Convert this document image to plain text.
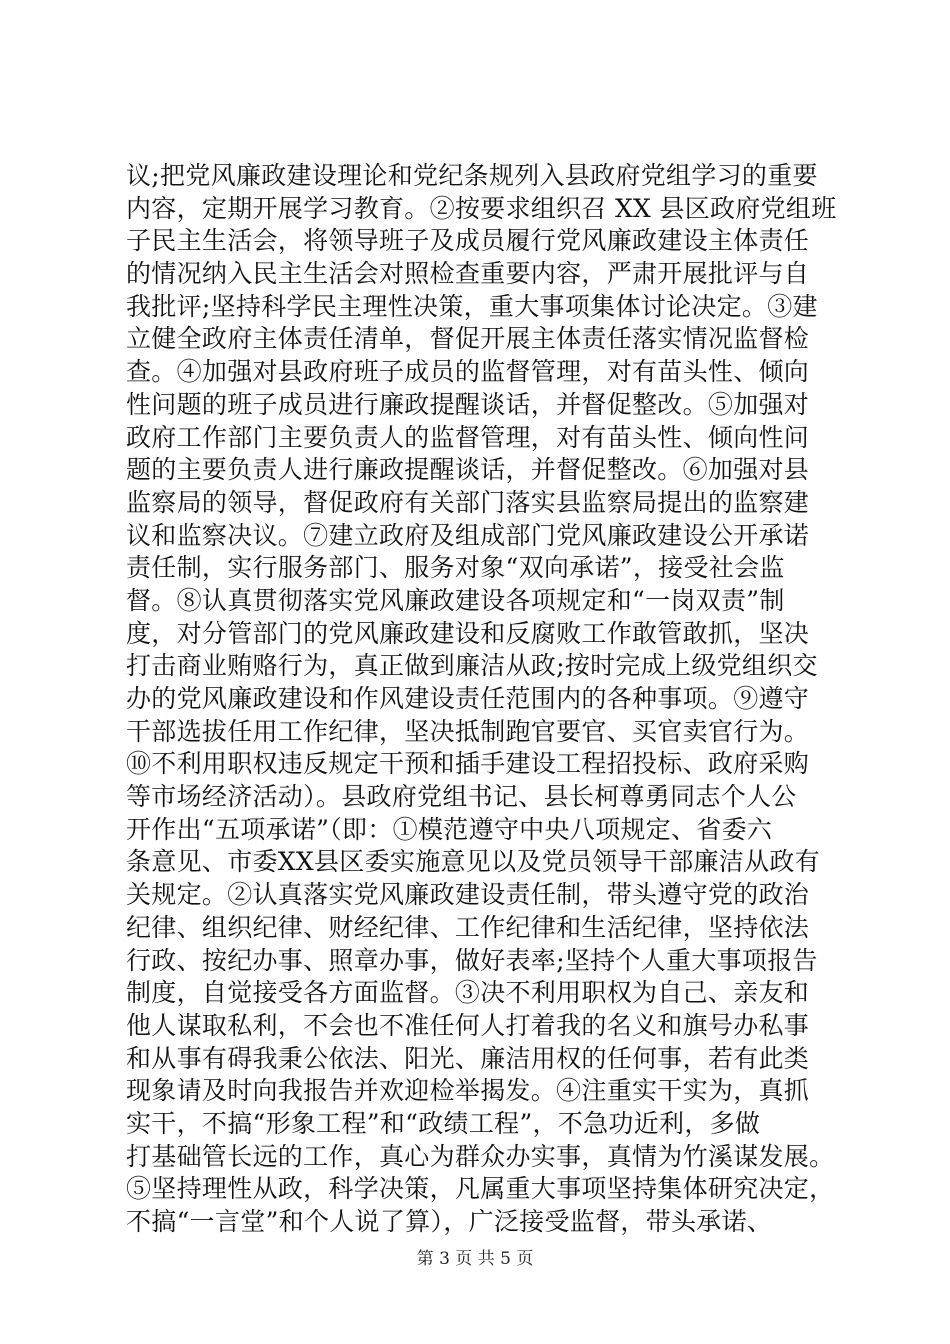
议;把党风廉政建设理论和党纪条规列入县政府党组学习的重要
内容，定期开展学习教育。②按要求组织召 XX 县区政府党组班
子民主生活会，将领导班子及成员履行党风廉政建设主体责任
的情况纳入民主生活会对照检查重要内容，严肃开展批评与自
我批评;坚持科学民主理性决策，重大事项集体讨论决定。③建
立健全政府主体责任清单，督促开展主体责任落实情况监督检
查。④加强对县政府班子成员的监督管理，对有苗头性、倾向
性问题的班子成员进行廉政提醒谈话，并督促整改。⑤加强对
政府工作部门主要负责人的监督管理，对有苗头性、倾向性问
题的主要负责人进行廉政提醒谈话，并督促整改。⑥加强对县
监察局的领导，督促政府有关部门落实县监察局提出的监察建
议和监察决议。⑦建立政府及组成部门党风廉政建设公开承诺
责任制，实行服务部门、服务对象“双向承诺”，接受社会监
督。⑧认真贯彻落实党风廉政建设各项规定和“一岗双责”制
度，对分管部门的党风廉政建设和反腐败工作敢管敢抓，坚决
打击商业贿赂行为，真正做到廉洁从政;按时完成上级党组织交
办的党风廉政建设和作风建设责任范围内的各种事项。⑨遵守
干部选拔任用工作纪律，坚决抵制跑官要官、买官卖官行为。
⑩不利用职权违反规定干预和插手建设工程招投标、政府采购
等市场经济活动）。县政府党组书记、县长柯尊勇同志个人公
开作出“五项承诺”（即：①模范遵守中央八项规定、省委六
条意见、市委XX县区委实施意见以及党员领导干部廉洁从政有
关规定。②认真落实党风廉政建设责任制，带头遵守党的政治
纪律、组织纪律、财经纪律、工作纪律和生活纪律，坚持依法
行政、按纪办事、照章办事，做好表率;坚持个人重大事项报告
制度，自觉接受各方面监督。③决不利用职权为自己、亲友和
他人谋取私利，不会也不准任何人打着我的名义和旗号办私事
和从事有碍我秉公依法、阳光、廉洁用权的任何事，若有此类
现象请及时向我报告并欢迎检举揭发。④注重实干实为，真抓
实干，不搞“形象工程”和“政绩工程”，不急功近利，多做
打基础管长远的工作，真心为群众办实事，真情为竹溪谋发展。
⑤坚持理性从政，科学决策，凡属重大事项坚持集体研究决定，
不搞“一言堂”和个人说了算），广泛接受监督，带头承诺、
第 3 页 共 5 页
